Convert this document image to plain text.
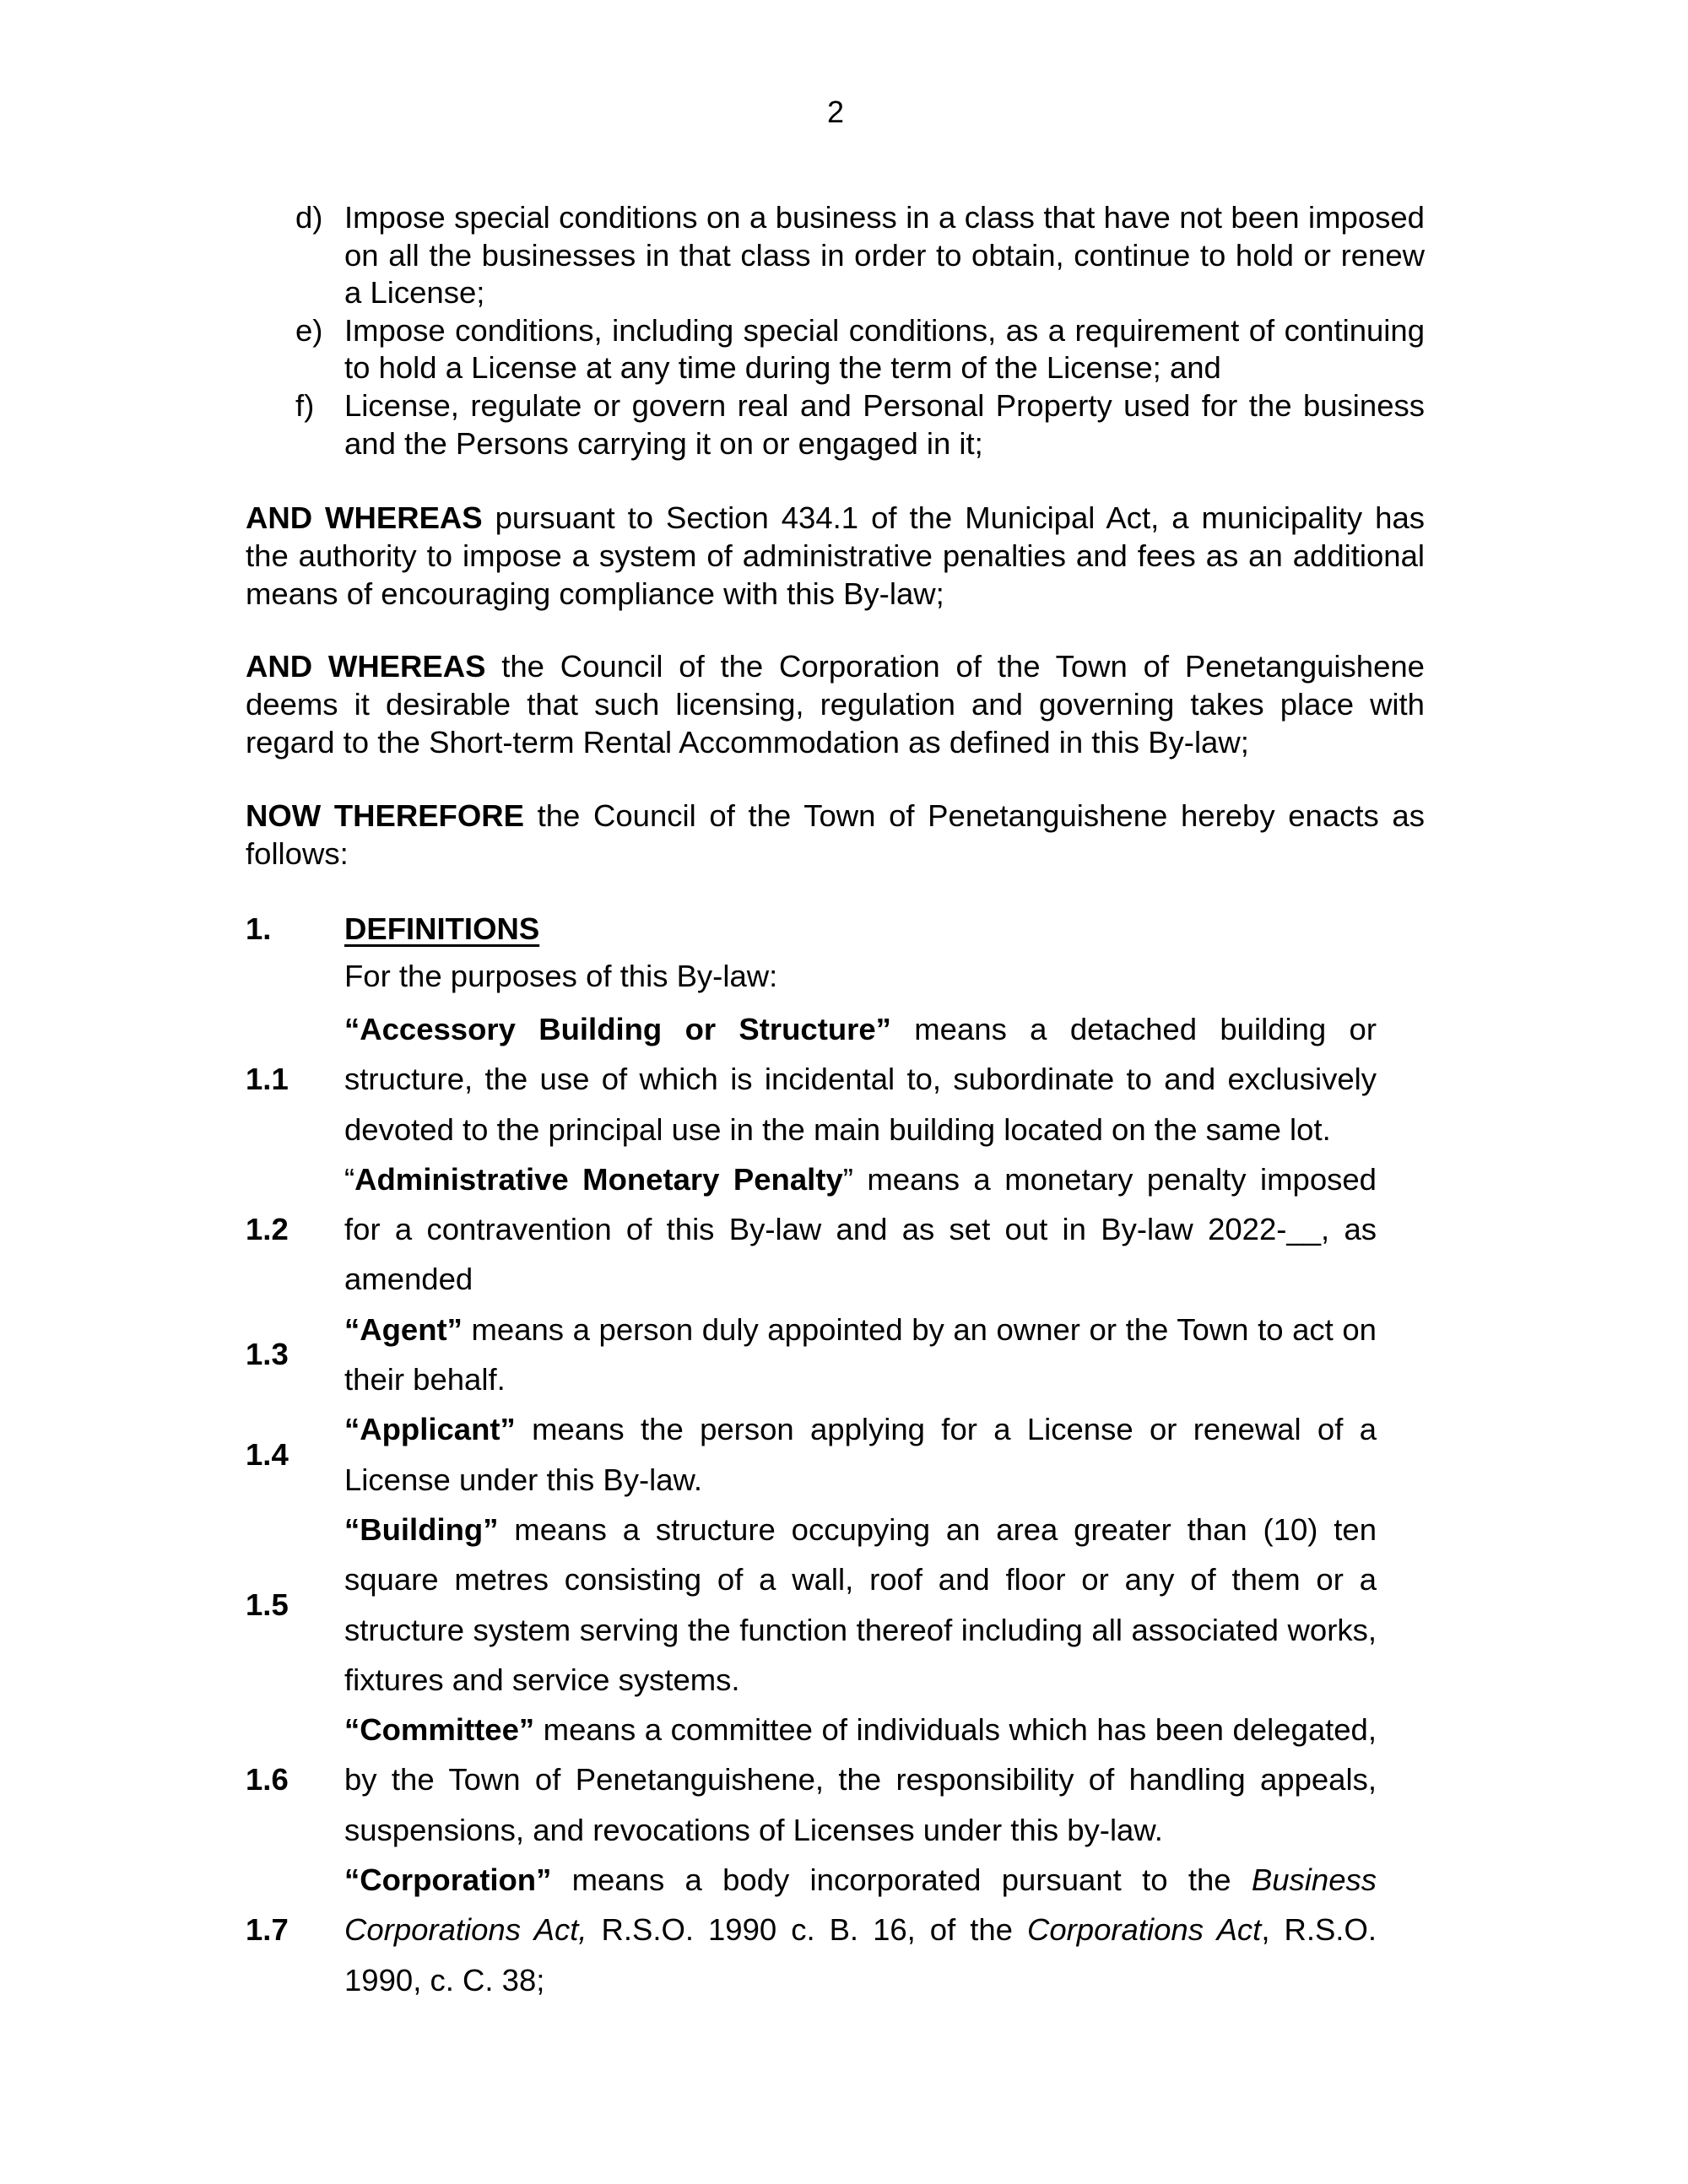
2
d) Impose special conditions on a business in a class that have not been imposed on all the businesses in that class in order to obtain, continue to hold or renew a License;
e) Impose conditions, including special conditions, as a requirement of continuing to hold a License at any time during the term of the License; and
f) License, regulate or govern real and Personal Property used for the business and the Persons carrying it on or engaged in it;
AND WHEREAS pursuant to Section 434.1 of the Municipal Act, a municipality has the authority to impose a system of administrative penalties and fees as an additional means of encouraging compliance with this By-law;
AND WHEREAS the Council of the Corporation of the Town of Penetanguishene deems it desirable that such licensing, regulation and governing takes place with regard to the Short-term Rental Accommodation as defined in this By-law;
NOW THEREFORE the Council of the Town of Penetanguishene hereby enacts as follows:
1. DEFINITIONS
For the purposes of this By-law:
1.1
“Accessory Building or Structure” means a detached building or structure, the use of which is incidental to, subordinate to and exclusively devoted to the principal use in the main building located on the same lot.
1.2
“Administrative Monetary Penalty” means a monetary penalty imposed for a contravention of this By-law and as set out in By-law 2022-__, as amended
1.3
“Agent” means a person duly appointed by an owner or the Town to act on their behalf.
1.4
“Applicant” means the person applying for a License or renewal of a License under this By-law.
1.5
“Building” means a structure occupying an area greater than (10) ten square metres consisting of a wall, roof and floor or any of them or a structure system serving the function thereof including all associated works, fixtures and service systems.
1.6
“Committee” means a committee of individuals which has been delegated, by the Town of Penetanguishene, the responsibility of handling appeals, suspensions, and revocations of Licenses under this by-law.
1.7
“Corporation” means a body incorporated pursuant to the Business Corporations Act, R.S.O. 1990 c. B. 16, of the Corporations Act, R.S.O. 1990, c. C. 38;
